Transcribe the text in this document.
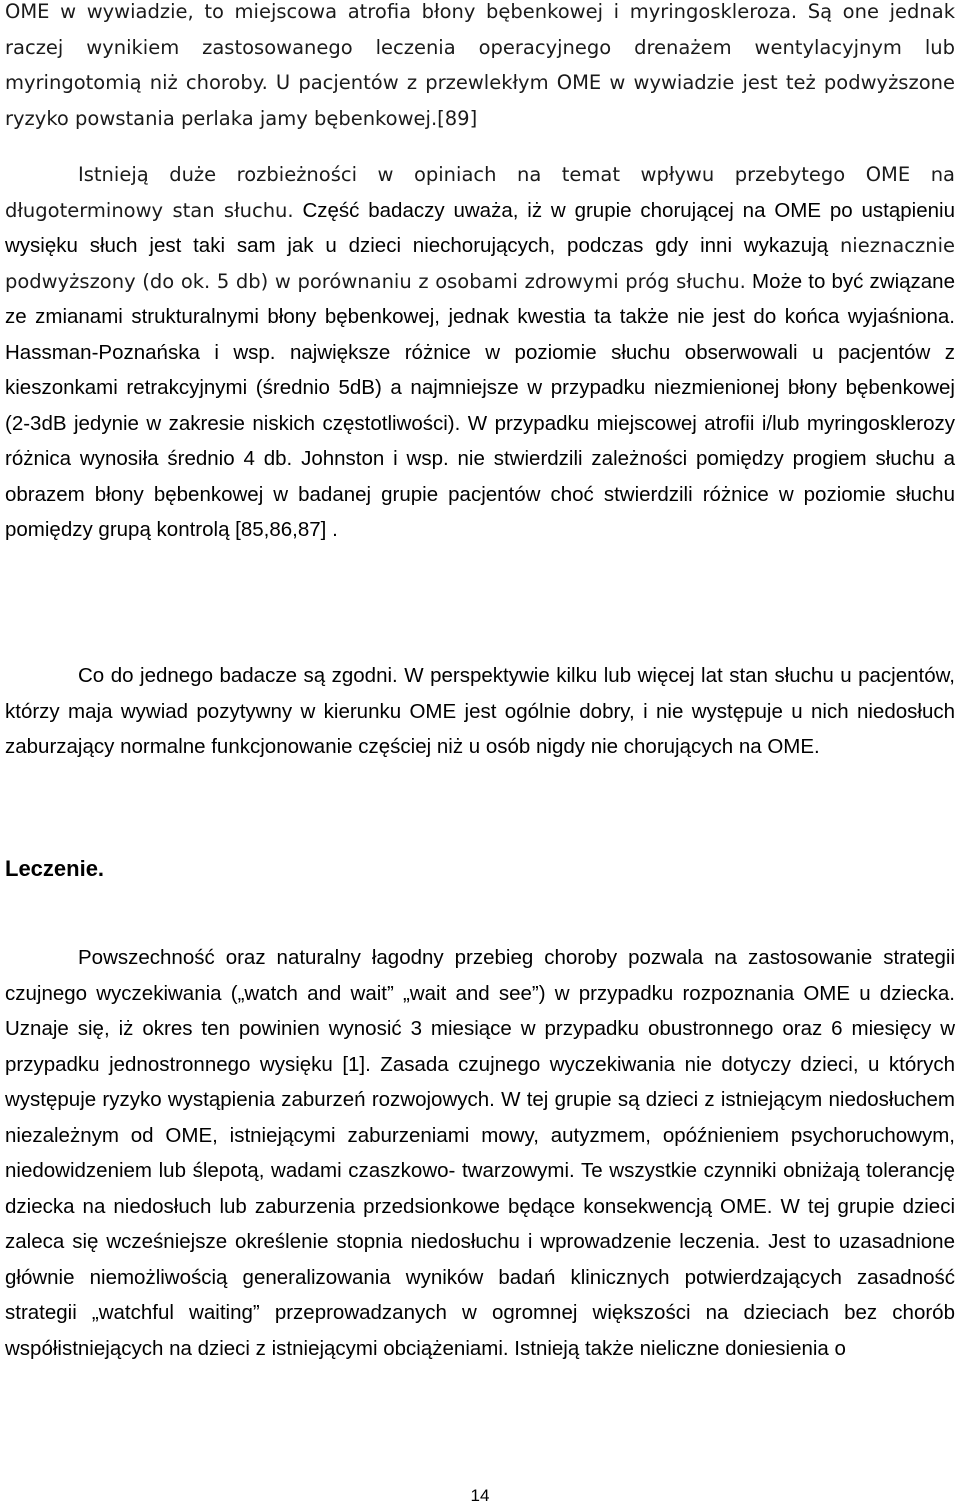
OME w wywiadzie, to miejscowa atrofia błony bębenkowej i myringoskleroza. Są one jednak raczej wynikiem zastosowanego leczenia operacyjnego drenażem wentylacyjnym lub myringotomią niż choroby. U pacjentów z przewlekłym OME w wywiadzie jest też podwyższone ryzyko powstania perlaka jamy bębenkowej.[89]

Istnieją duże rozbieżności w opiniach na temat wpływu przebytego OME na długoterminowy stan słuchu. Część badaczy uważa, iż w grupie chorującej na OME po ustąpieniu wysięku słuch jest taki sam jak u dzieci niechorujących, podczas gdy inni wykazują nieznacznie podwyższony (do ok. 5 db) w porównaniu z osobami zdrowymi próg słuchu. Może to być związane ze zmianami strukturalnymi błony bębenkowej, jednak kwestia ta także nie jest do końca wyjaśniona. Hassman-Poznańska i wsp. największe różnice w poziomie słuchu obserwowali u pacjentów z kieszonkami retrakcyjnymi (średnio 5dB) a najmniejsze w przypadku niezmienionej błony bębenkowej (2-3dB jedynie w zakresie niskich częstotliwości). W przypadku miejscowej atrofii i/lub myringosklerozy różnica wynosiła średnio 4 db. Johnston i wsp. nie stwierdzili zależności pomiędzy progiem słuchu a obrazem błony bębenkowej w badanej grupie pacjentów choć stwierdzili różnice w poziomie słuchu pomiędzy grupą kontrolą [85,86,87] .

Co do jednego badacze są zgodni. W perspektywie kilku lub więcej lat stan słuchu u pacjentów, którzy maja wywiad pozytywny w kierunku OME jest ogólnie dobry, i nie występuje u nich niedosłuch zaburzający normalne funkcjonowanie częściej niż u osób nigdy nie chorujących na OME.

Leczenie.

Powszechność oraz naturalny łagodny przebieg choroby pozwala na zastosowanie strategii czujnego wyczekiwania („watch and wait” „wait and see”) w przypadku rozpoznania OME u dziecka. Uznaje się, iż okres ten powinien wynosić 3 miesiące w przypadku obustronnego oraz 6 miesięcy w przypadku jednostronnego wysięku [1]. Zasada czujnego wyczekiwania nie dotyczy dzieci, u których występuje ryzyko wystąpienia zaburzeń rozwojowych. W tej grupie są dzieci z istniejącym niedosłuchem niezależnym od OME, istniejącymi zaburzeniami mowy, autyzmem, opóźnieniem psychoruchowym, niedowidzeniem lub ślepotą, wadami czaszkowo- twarzowymi. Te wszystkie czynniki obniżają tolerancję dziecka na niedosłuch lub zaburzenia przedsionkowe będące konsekwencją OME. W tej grupie dzieci zaleca się wcześniejsze określenie stopnia niedosłuchu i wprowadzenie leczenia. Jest to uzasadnione głównie niemożliwością generalizowania wyników badań klinicznych potwierdzających zasadność strategii „watchful waiting” przeprowadzanych w ogromnej większości na dzieciach bez chorób współistniejących na dzieci z istniejącymi obciążeniami. Istnieją także nieliczne doniesienia o

14
